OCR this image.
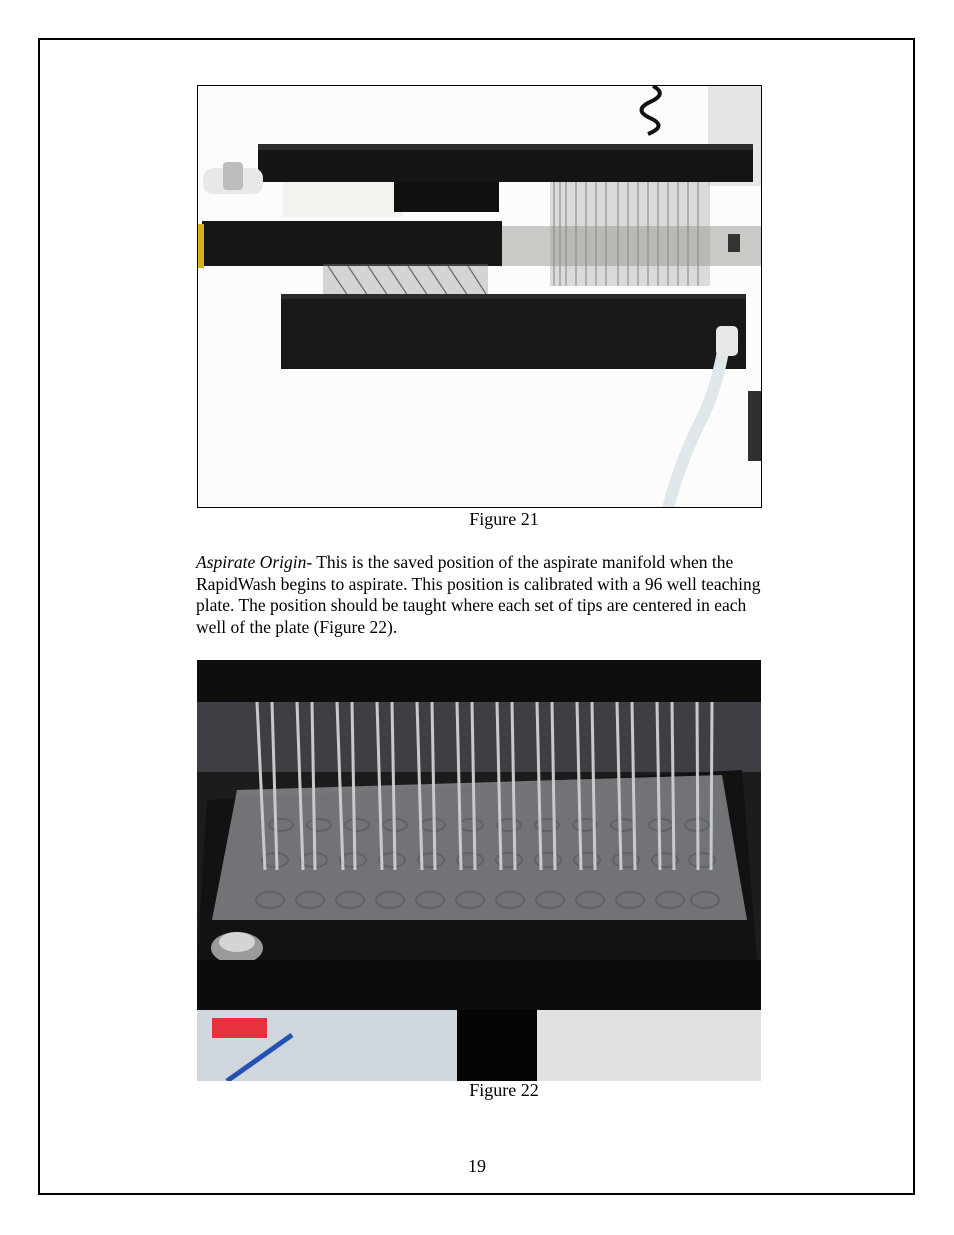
Figure 21
Aspirate Origin- This is the saved position of the aspirate manifold when the
RapidWash begins to aspirate. This position is calibrated with a 96 well teaching
plate. The position should be taught where each set of tips are centered in each
well of the plate (Figure 22).
Figure 22
19
